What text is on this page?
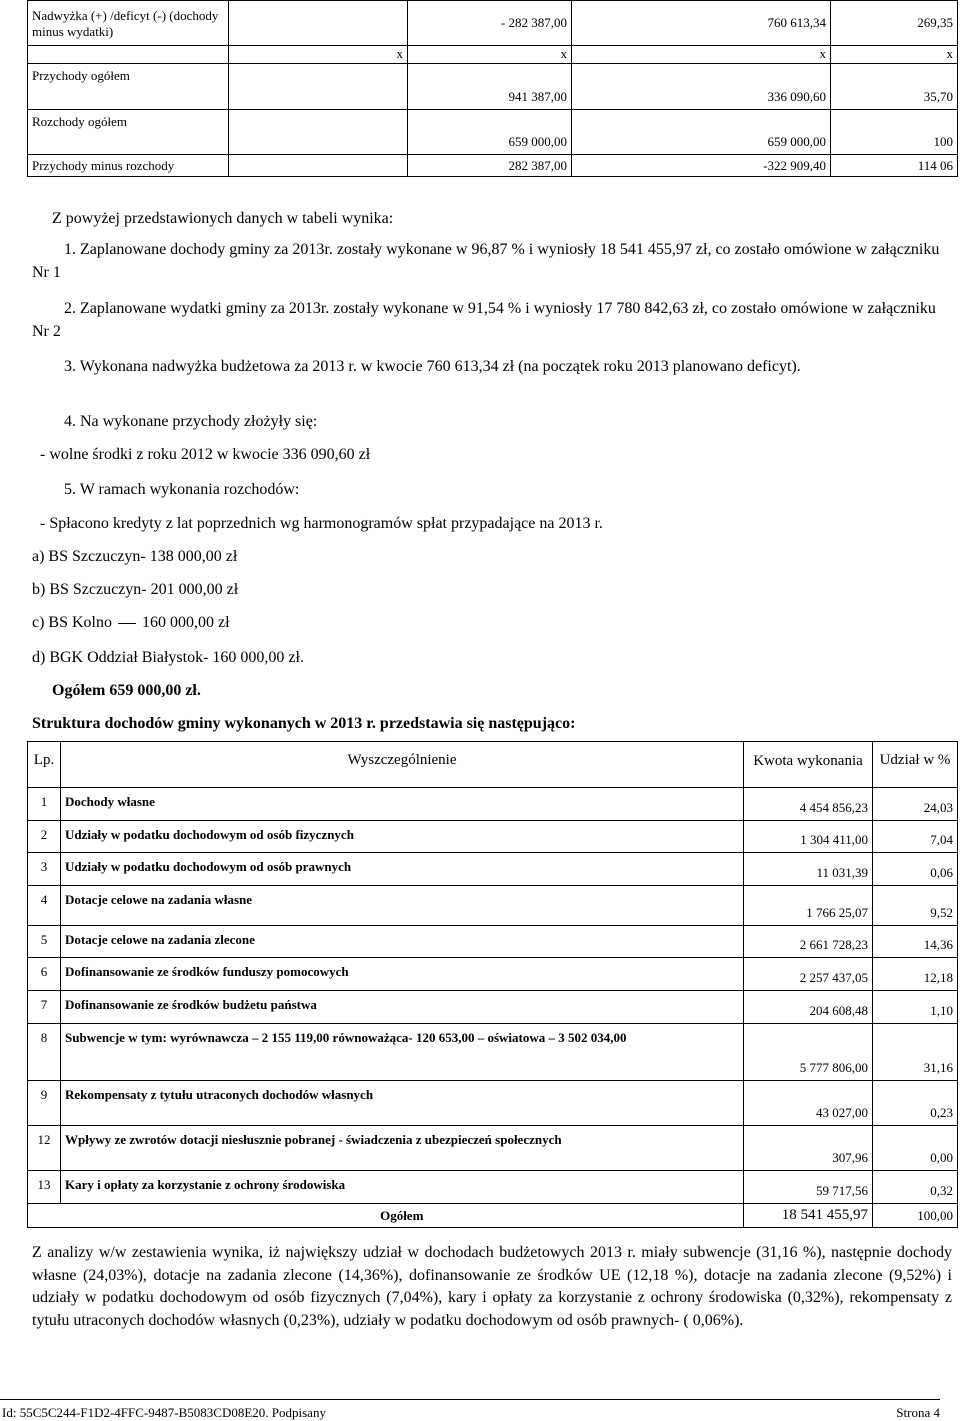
Nadwyżka (+) /deficyt (-) (dochody minus wydatki)		- 282 387,00	760 613,34	269,35
	x	x	x	x
Przychody ogółem		941 387,00	336 090,60	35,70
Rozchody ogółem		659 000,00	659 000,00	100
Przychody minus rozchody		282 387,00	-322 909,40	114 06
Z powyżej przedstawionych danych w tabeli wynika:
1. Zaplanowane dochody gminy za 2013r. zostały wykonane w 96,87 % i wyniosły 18 541 455,97 zł, co zostało omówione w załączniku Nr 1
2. Zaplanowane wydatki gminy za 2013r. zostały wykonane w 91,54 % i wyniosły 17 780 842,63 zł, co zostało omówione w załączniku Nr 2
3. Wykonana nadwyżka budżetowa za 2013 r. w kwocie 760 613,34 zł (na początek roku 2013 planowano deficyt).
4. Na wykonane przychody złożyły się:
- wolne środki z roku 2012 w kwocie 336 090,60 zł
5. W ramach wykonania rozchodów:
- Spłacono kredyty z lat poprzednich wg harmonogramów spłat przypadające na 2013 r.
a) BS Szczuczyn- 138 000,00 zł
b) BS Szczuczyn- 201 000,00 zł
c) BS Kolno 160 000,00 zł
d) BGK Oddział Białystok- 160 000,00 zł.
Ogółem 659 000,00 zł.
Struktura dochodów gminy wykonanych w 2013 r. przedstawia się następująco:
Lp.	Wyszczególnienie	Kwota wykonania	Udział w %
1	Dochody własne	4 454 856,23	24,03
2	Udziały w podatku dochodowym od osób fizycznych	1 304 411,00	7,04
3	Udziały w podatku dochodowym od osób prawnych	11 031,39	0,06
4	Dotacje celowe na zadania własne	1 766 25,07	9,52
5	Dotacje celowe na zadania zlecone	2 661 728,23	14,36
6	Dofinansowanie ze środków funduszy pomocowych	2 257 437,05	12,18
7	Dofinansowanie ze środków budżetu państwa	204 608,48	1,10
8	Subwencje w tym: wyrównawcza – 2 155 119,00 równoważąca- 120 653,00 – oświatowa – 3 502 034,00	5 777 806,00	31,16
9	Rekompensaty z tytułu utraconych dochodów własnych	43 027,00	0,23
12	Wpływy ze zwrotów dotacji niesłusznie pobranej - świadczenia z ubezpieczeń społecznych	307,96	0,00
13	Kary i opłaty za korzystanie z ochrony środowiska	59 717,56	0,32
	Ogółem	18 541 455,97	100,00
Z analizy w/w zestawienia wynika, iż największy udział w dochodach budżetowych 2013 r. miały subwencje (31,16 %), następnie dochody własne (24,03%), dotacje na zadania zlecone (14,36%), dofinansowanie ze środków UE (12,18 %), dotacje na zadania zlecone (9,52%) i udziały w podatku dochodowym od osób fizycznych (7,04%), kary i opłaty za korzystanie z ochrony środowiska (0,32%), rekompensaty z tytułu utraconych dochodów własnych (0,23%), udziały w podatku dochodowym od osób prawnych- ( 0,06%).
Id: 55C5C244-F1D2-4FFC-9487-B5083CD08E20. Podpisany	Strona 4
